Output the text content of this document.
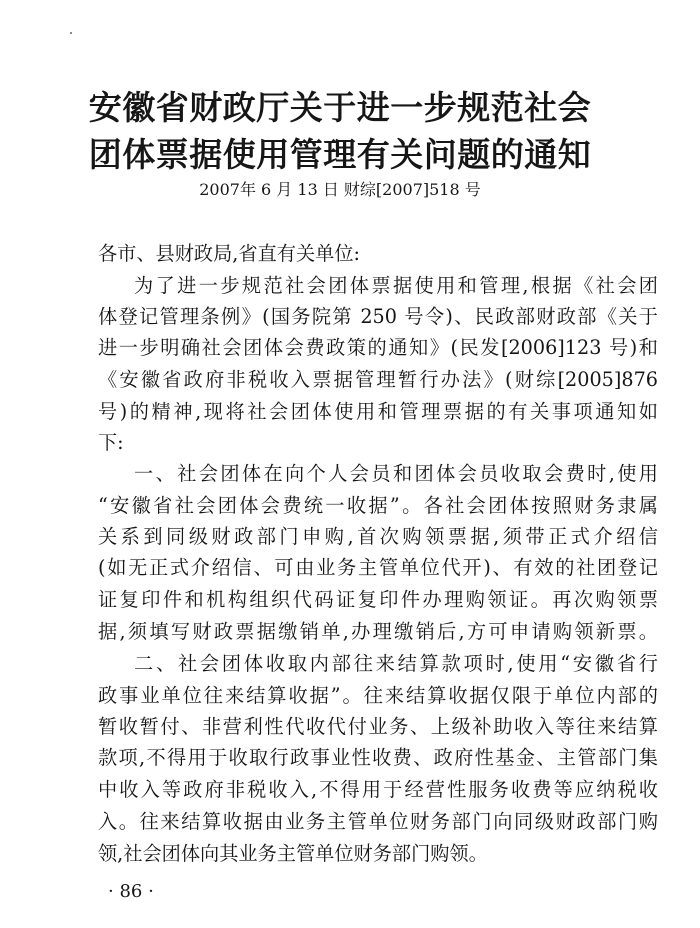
安徽省财政厅关于进一步规范社会
团体票据使用管理有关问题的通知
2007年 6 月 13 日 财综[2007]518 号
各市、县财政局,省直有关单位:
为了进一步规范社会团体票据使用和管理,根据《社会团
体登记管理条例》(国务院第 250 号令)、民政部财政部《关于
进一步明确社会团体会费政策的通知》(民发[2006]123 号)和
《安徽省政府非税收入票据管理暂行办法》(财综[2005]876
号)的精神,现将社会团体使用和管理票据的有关事项通知如
下:
一、社会团体在向个人会员和团体会员收取会费时,使用
“安徽省社会团体会费统一收据”。各社会团体按照财务隶属
关系到同级财政部门申购,首次购领票据,须带正式介绍信
(如无正式介绍信、可由业务主管单位代开)、有效的社团登记
证复印件和机构组织代码证复印件办理购领证。再次购领票
据,须填写财政票据缴销单,办理缴销后,方可申请购领新票。
二、社会团体收取内部往来结算款项时,使用“安徽省行
政事业单位往来结算收据”。往来结算收据仅限于单位内部的
暂收暂付、非营利性代收代付业务、上级补助收入等往来结算
款项,不得用于收取行政事业性收费、政府性基金、主管部门集
中收入等政府非税收入,不得用于经营性服务收费等应纳税收
入。往来结算收据由业务主管单位财务部门向同级财政部门购
领,社会团体向其业务主管单位财务部门购领。
· 86 ·
